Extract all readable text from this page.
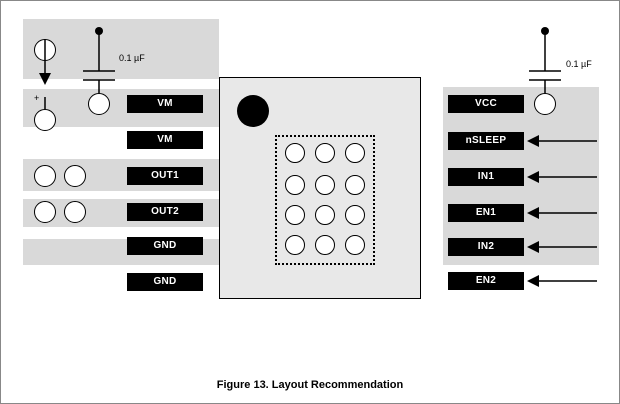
+
0.1 µF
0.1 µF
VM
VM
OUT1
OUT2
GND
GND
VCC
nSLEEP
IN1
EN1
IN2
EN2
Figure 13. Layout Recommendation
